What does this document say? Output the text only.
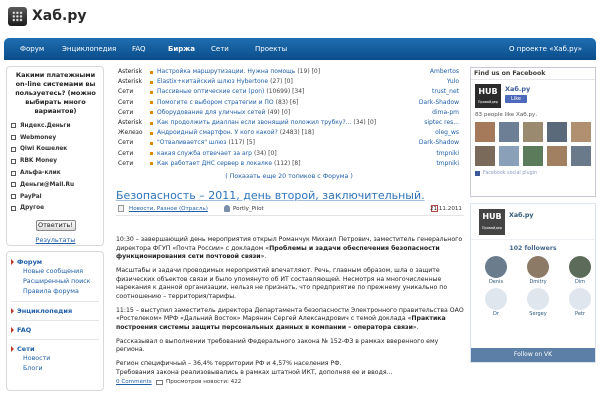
Хаб.ру
Форум	Энциклопедия FAQ	Биржа Сети	Проекты	О проекте «Хаб.ру»
Какими платежными on-line системами вы пользуетесь? (можно выбирать много вариантов)
Яндекс.Деньги
Webmoney
Qiwi Кошелек
RBK Money
Альфа-клик
Деньги@Mail.Ru
PayPal
Другое
Ответить!
Результаты
Форум
Новые сообщения
Расширенный поиск
Правила форума
Энциклопедия
FAQ
Сети
Новости
Блоги
Asterisk Настройка маршрутизации. Нужна помощь (19) [0]	Ambertos
Asterisk Elastix+китайский шлюз Hybertone (27) [0]	Yulo
Сети	Пассивные оптические сети (pon) (10699) [34]	trust_net
Сети	Помогите с выбором стратегии и ПО (83) [6]	Dark-Shadow
Сети	Оборудование для уличных сетей (49) [0]	dima-pm
Asterisk Как продолжить диаллан если звонящий положил трубку?... (34) [0]	siptec res...
Железо Андроидный смартфон. У кого какой? (2483) [18]	oleg_ws
Сети	"Отваливается" шлюз (117) [5]	Dark-Shadow
Сети	какая служба отвечает за arp (34) [0]	tmpniki
Сети	Как работает ДНС сервер в локалке (112) [8]	tmpniki
( Показать еще 20 топиков с Форума )
Безопасность – 2011, день второй, заключительный.
Новости, Разное (Отрасль)	Portly_Pilot	21.11.2011

10:30 – завершающий день мероприятия открыл Романчук Михаил Петрович, заместитель генерального директора ФГУП «Почта России» с докладом «Проблемы и задачи обеспечения безопасности функционирования сети почтовой связи».

Масштабы и задачи проводимых мероприятий впечатляют. Речь, главным образом, шла о защите физических объектов связи и было упомянуто об ИТ составляющей. Несмотря на многочисленные нарекания к данной организации, нельзя не признать, что предприятие по прежнему уникально по соотношению – территория/тарифы.

11:15 – выступил заместитель директора Департамента безопасности Электронного правительства ОАО «Ростелеком» МРФ «Дальний Восток» Марянин Сергей Александрович с темой доклада «Практика построения системы защиты персональных данных в компании – оператора связи».

Рассказывал о выполнении требований Федерального закона № 152-ФЗ в рамках вверенного ему региона.

Регион специфичный – 36,4% территории РФ и 4,57% населения РФ.
Требования закона реализовывались в рамках штатной ИКТ, дополняя ее и вводя...

0 Comments	Просмотров новости: 422
Find us on Facebook
HUB
Провайдер
Хаб.ру
Like
83 people like Хаб.ру.
Facebook social plugin
HUB
Провайдер
Хаб.ру
102 followers
Denis	Dmitry	Dim
Dr	Sergey	Petr
Follow on VK
